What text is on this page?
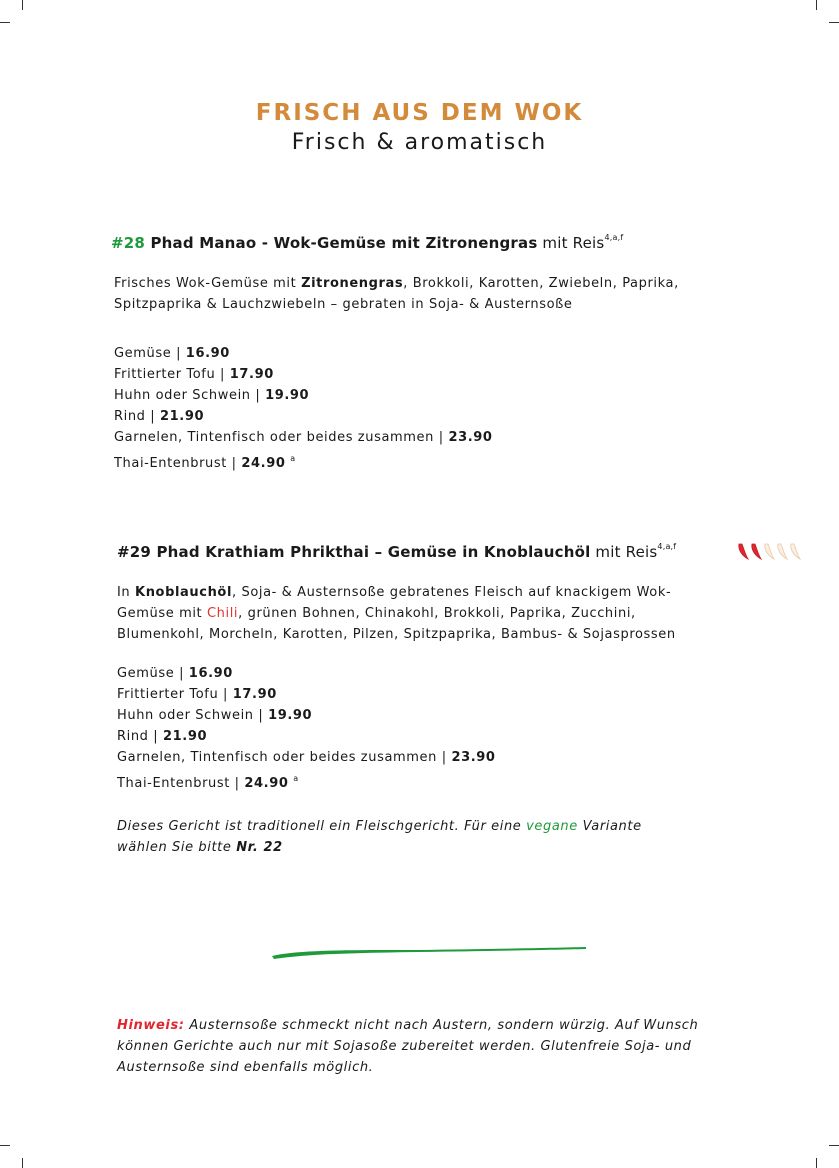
FRISCH AUS DEM WOK
Frisch & aromatisch
#28 Phad Manao - Wok-Gemüse mit Zitronengras mit Reis$^{4,a,f}$
Frisches Wok-Gemüse mit Zitronengras, Brokkoli, Karotten, Zwiebeln, Paprika,
Spitzpaprika & Lauchzwiebeln – gebraten in Soja- & Austernsoße
Gemüse | 16.90
Frittierter Tofu | 17.90
Huhn oder Schwein | 19.90
Rind | 21.90
Garnelen, Tintenfisch oder beides zusammen | 23.90
Thai-Entenbrust | 24.90 $^a$
#29 Phad Krathiam Phrikthai – Gemüse in Knoblauchöl mit Reis$^{4,a,f}$
In Knoblauchöl, Soja- & Austernsoße gebratenes Fleisch auf knackigem Wok-
Gemüse mit Chili, grünen Bohnen, Chinakohl, Brokkoli, Paprika, Zucchini,
Blumenkohl, Morcheln, Karotten, Pilzen, Spitzpaprika, Bambus- & Sojasprossen
Gemüse | 16.90
Frittierter Tofu | 17.90
Huhn oder Schwein | 19.90
Rind | 21.90
Garnelen, Tintenfisch oder beides zusammen | 23.90
Thai-Entenbrust | 24.90 $^a$
Dieses Gericht ist traditionell ein Fleischgericht. Für eine vegane Variante
wählen Sie bitte Nr. 22
Hinweis: Austernsoße schmeckt nicht nach Austern, sondern würzig. Auf Wunsch
können Gerichte auch nur mit Sojasoße zubereitet werden. Glutenfreie Soja- und
Austernsoße sind ebenfalls möglich.
